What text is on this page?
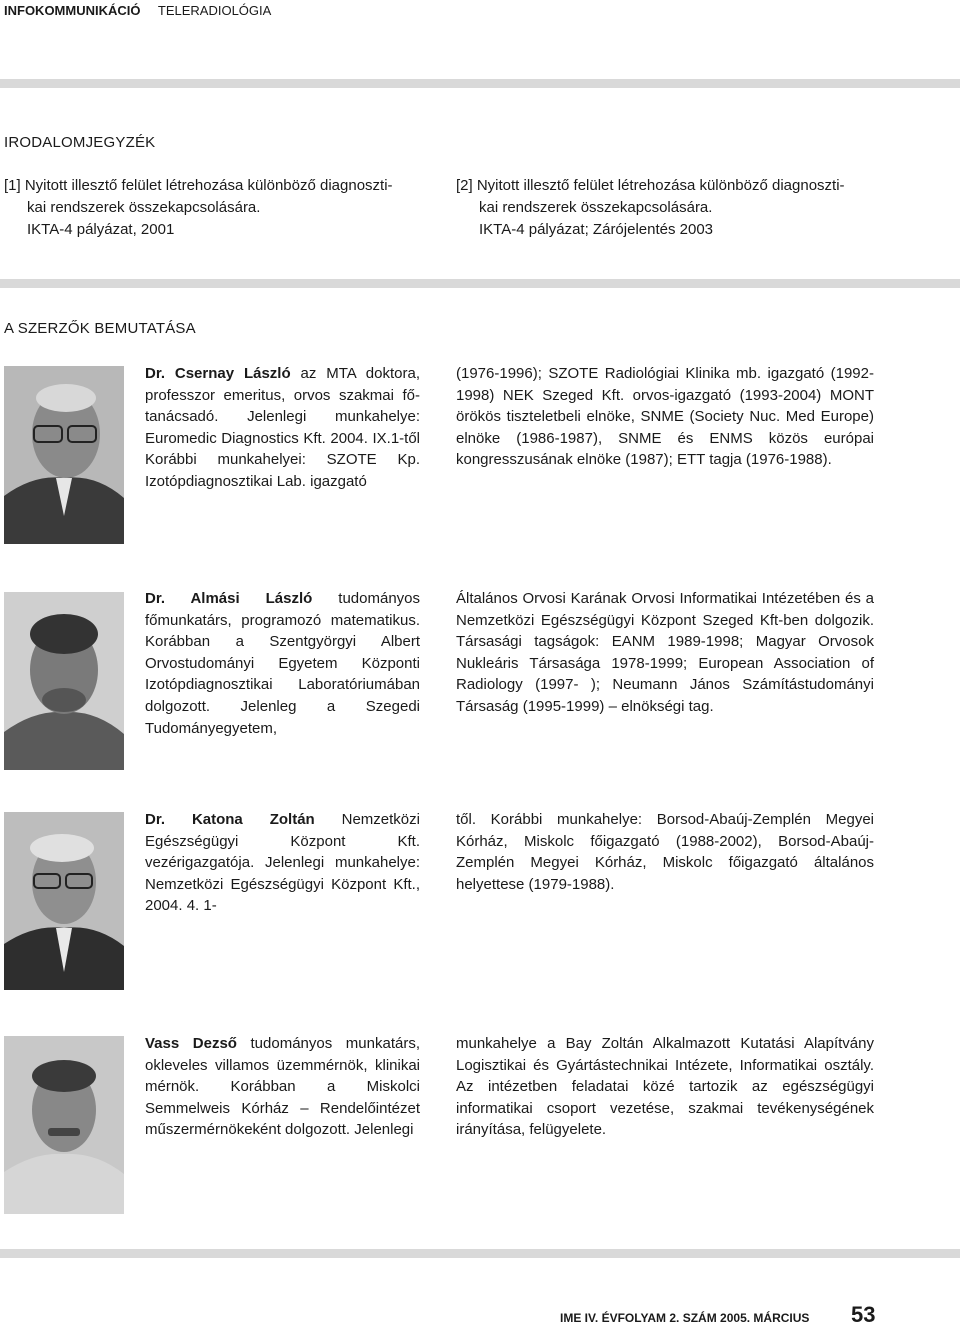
INFOKOMMUNIKÁCIÓ TELERADIOLÓGIA
IRODALOMJEGYZÉK
[1] Nyitott illesztő felület létrehozása különböző diagnoszti-
kai rendszerek összekapcsolására.
IKTA-4 pályázat, 2001
[2] Nyitott illesztő felület létrehozása különböző diagnoszti-
kai rendszerek összekapcsolására.
IKTA-4 pályázat; Zárójelentés 2003
A SZERZŐK BEMUTATÁSA
Dr. Csernay László az MTA doktora, professzor emeritus, orvos szakmai fő-tanácsadó. Jelenlegi munkahelye: Euromedic Diagnostics Kft. 2004. IX.1-től Korábbi munkahelyei: SZOTE Kp. Izotópdiagnosztikai Lab. igazgató
(1976-1996); SZOTE Radiológiai Klinika mb. igazgató (1992-1998) NEK Szeged Kft. orvos-igazgató (1993-2004) MONT örökös tiszteletbeli elnöke, SNME (Society Nuc. Med Europe) elnöke (1986-1987), SNME és ENMS közös európai kongresszusának elnöke (1987); ETT tagja (1976-1988).
Dr. Almási László tudományos főmunkatárs, programozó matematikus. Korábban a Szentgyörgyi Albert Orvostudományi Egyetem Központi Izotópdiagnosztikai Laboratóriumában dolgozott. Jelenleg a Szegedi Tudományegyetem,
Általános Orvosi Karának Orvosi Informatikai Intézetében és a Nemzetközi Egészségügyi Központ Szeged Kft-ben dolgozik. Társasági tagságok: EANM 1989-1998; Magyar Orvosok Nukleáris Társasága 1978-1999; European Association of Radiology (1997- ); Neumann János Számítástudományi Társaság (1995-1999) – elnökségi tag.
Dr. Katona Zoltán Nemzetközi Egészségügyi Központ Kft. vezérigazgatója. Jelenlegi munkahelye: Nemzetközi Egészségügyi Központ Kft., 2004. 4. 1-
től. Korábbi munkahelye: Borsod-Abaúj-Zemplén Megyei Kórház, Miskolc főigazgató (1988-2002), Borsod-Abaúj-Zemplén Megyei Kórház, Miskolc főigazgató általános helyettese (1979-1988).
Vass Dezső tudományos munkatárs, okleveles villamos üzemmérnök, klinikai mérnök. Korábban a Miskolci Semmelweis Kórház – Rendelőintézet műszermérnökeként dolgozott. Jelenlegi
munkahelye a Bay Zoltán Alkalmazott Kutatási Alapítvány Logisztikai és Gyártástechnikai Intézete, Informatikai osztály. Az intézetben feladatai közé tartozik az egészségügyi informatikai csoport vezetése, szakmai tevékenységének irányítása, felügyelete.
IME IV. ÉVFOLYAM 2. SZÁM 2005. MÁRCIUS 53
